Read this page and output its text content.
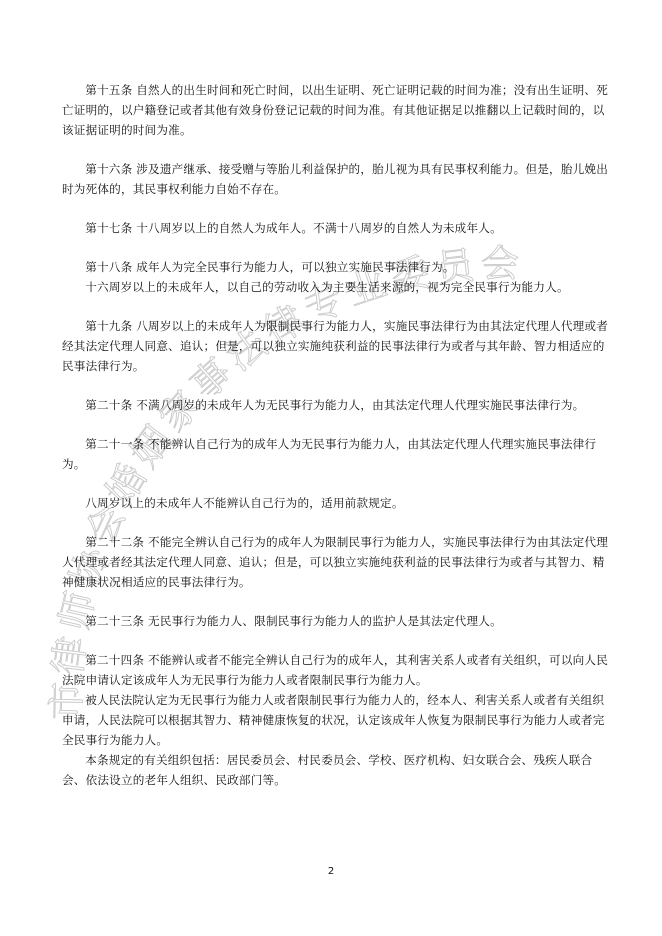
市律师协会婚姻家事法律专业委员会

第十五条 自然人的出生时间和死亡时间，以出生证明、死亡证明记载的时间为准；没有出生证明、死亡证明的，以户籍登记或者其他有效身份登记记载的时间为准。有其他证据足以推翻以上记载时间的，以该证据证明的时间为准。

第十六条 涉及遗产继承、接受赠与等胎儿利益保护的，胎儿视为具有民事权利能力。但是，胎儿娩出时为死体的，其民事权利能力自始不存在。

第十七条 十八周岁以上的自然人为成年人。不满十八周岁的自然人为未成年人。

第十八条 成年人为完全民事行为能力人，可以独立实施民事法律行为。

十六周岁以上的未成年人，以自己的劳动收入为主要生活来源的，视为完全民事行为能力人。

第十九条 八周岁以上的未成年人为限制民事行为能力人，实施民事法律行为由其法定代理人代理或者经其法定代理人同意、追认；但是，可以独立实施纯获利益的民事法律行为或者与其年龄、智力相适应的民事法律行为。

第二十条 不满八周岁的未成年人为无民事行为能力人，由其法定代理人代理实施民事法律行为。

第二十一条 不能辨认自己行为的成年人为无民事行为能力人，由其法定代理人代理实施民事法律行为。

八周岁以上的未成年人不能辨认自己行为的，适用前款规定。

第二十二条 不能完全辨认自己行为的成年人为限制民事行为能力人，实施民事法律行为由其法定代理人代理或者经其法定代理人同意、追认；但是，可以独立实施纯获利益的民事法律行为或者与其智力、精神健康状况相适应的民事法律行为。

第二十三条 无民事行为能力人、限制民事行为能力人的监护人是其法定代理人。

第二十四条 不能辨认或者不能完全辨认自己行为的成年人，其利害关系人或者有关组织，可以向人民法院申请认定该成年人为无民事行为能力人或者限制民事行为能力人。

被人民法院认定为无民事行为能力人或者限制民事行为能力人的，经本人、利害关系人或者有关组织申请，人民法院可以根据其智力、精神健康恢复的状况，认定该成年人恢复为限制民事行为能力人或者完全民事行为能力人。

本条规定的有关组织包括：居民委员会、村民委员会、学校、医疗机构、妇女联合会、残疾人联合会、依法设立的老年人组织、民政部门等。

2
